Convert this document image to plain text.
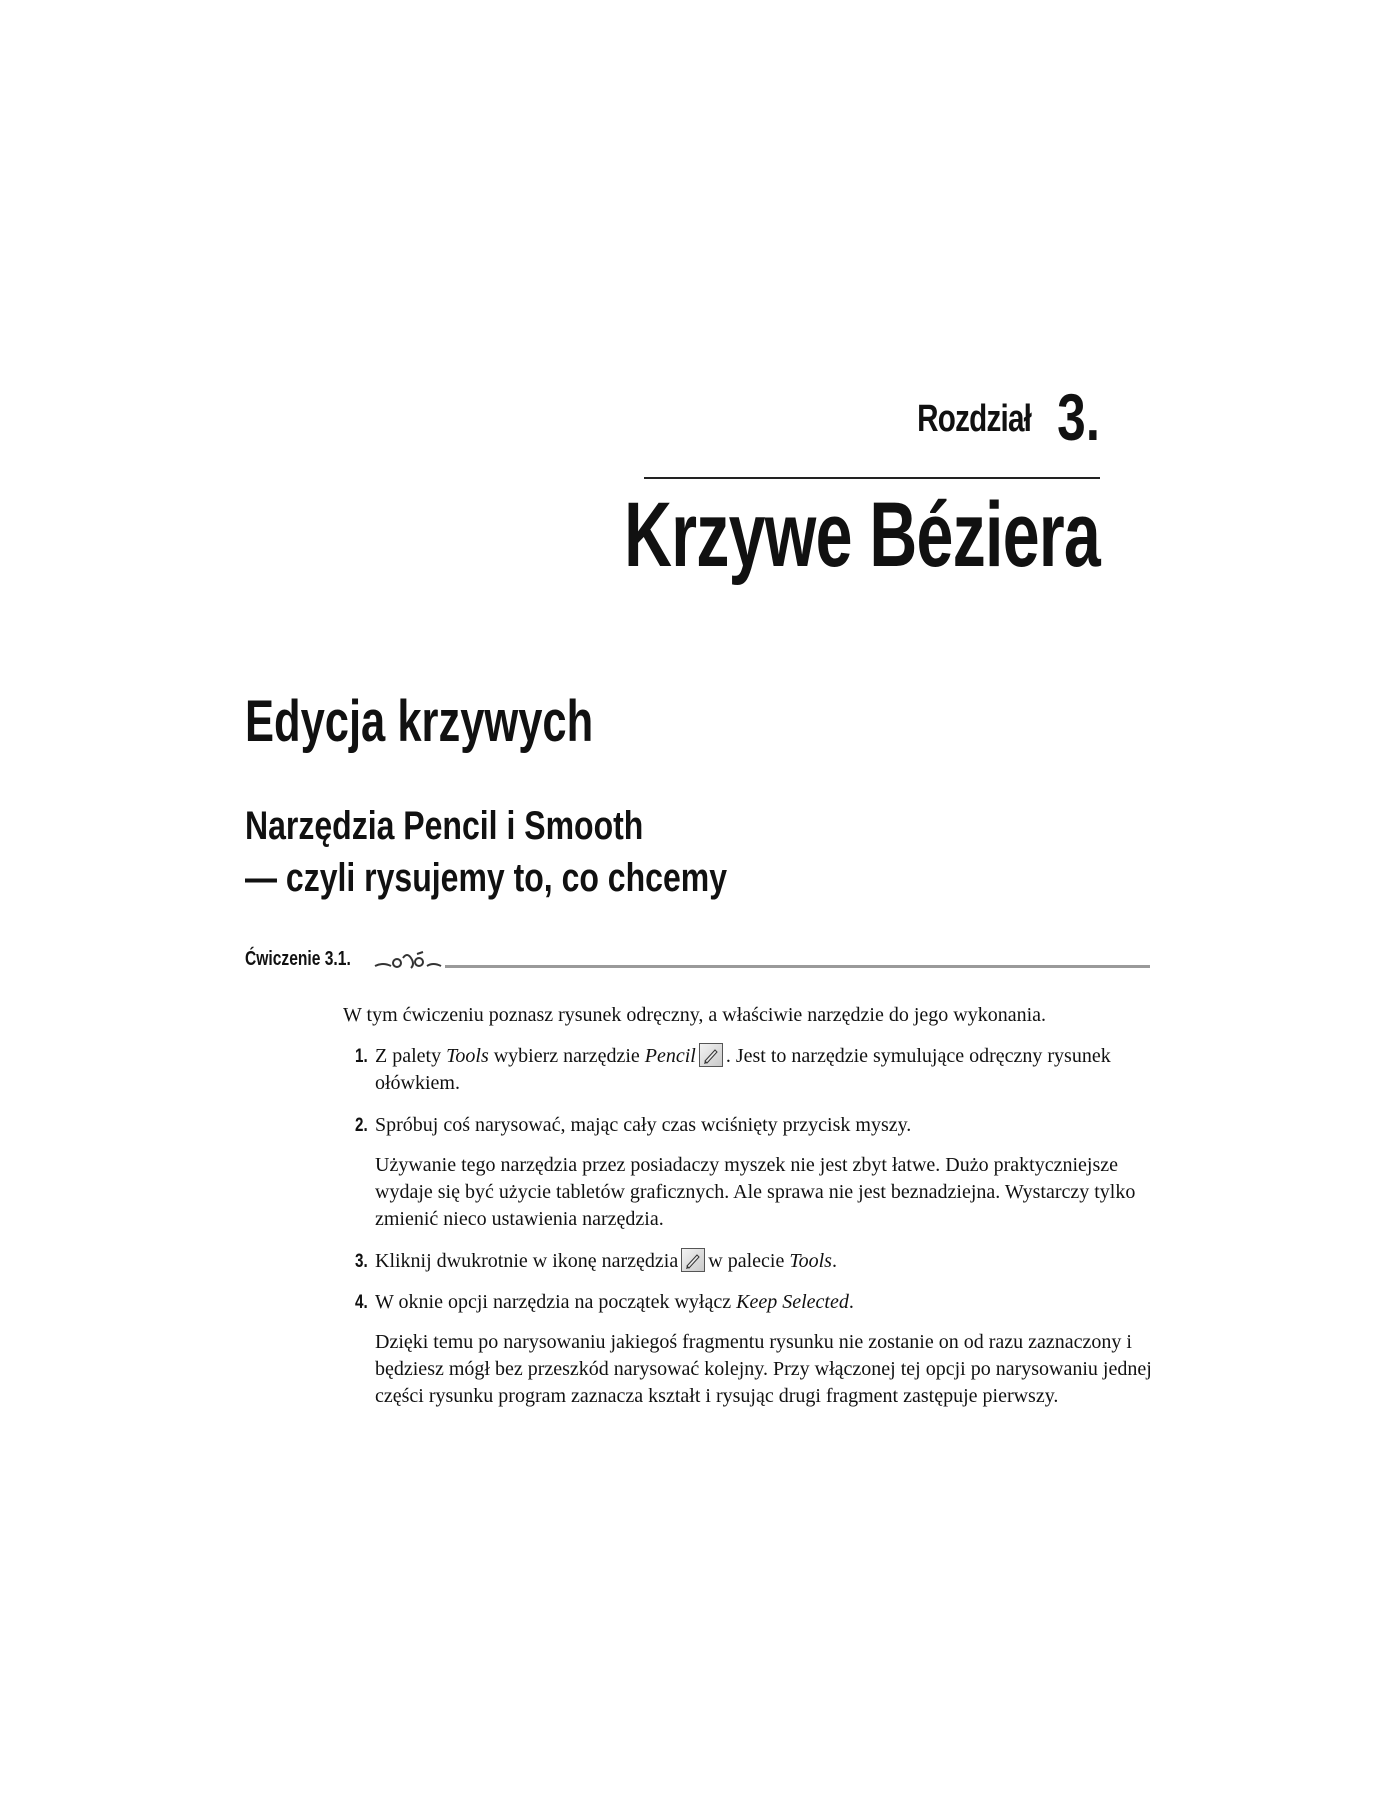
Rozdział 3.
Krzywe Béziera
Edycja krzywych
Narzędzia Pencil i Smooth
— czyli rysujemy to, co chcemy
Ćwiczenie 3.1.
W tym ćwiczeniu poznasz rysunek odręczny, a właściwie narzędzie do jego wykonania.
1. Z palety Tools wybierz narzędzie Pencil . Jest to narzędzie symulujące odręczny rysunek ołówkiem.
2. Spróbuj coś narysować, mając cały czas wciśnięty przycisk myszy.
Używanie tego narzędzia przez posiadaczy myszek nie jest zbyt łatwe. Dużo praktyczniejsze wydaje się być użycie tabletów graficznych. Ale sprawa nie jest beznadziejna. Wystarczy tylko zmienić nieco ustawienia narzędzia.
3. Kliknij dwukrotnie w ikonę narzędzia w palecie Tools.
4. W oknie opcji narzędzia na początek wyłącz Keep Selected.
Dzięki temu po narysowaniu jakiegoś fragmentu rysunku nie zostanie on od razu zaznaczony i będziesz mógł bez przeszkód narysować kolejny. Przy włączonej tej opcji po narysowaniu jednej części rysunku program zaznacza kształt i rysując drugi fragment zastępuje pierwszy.
